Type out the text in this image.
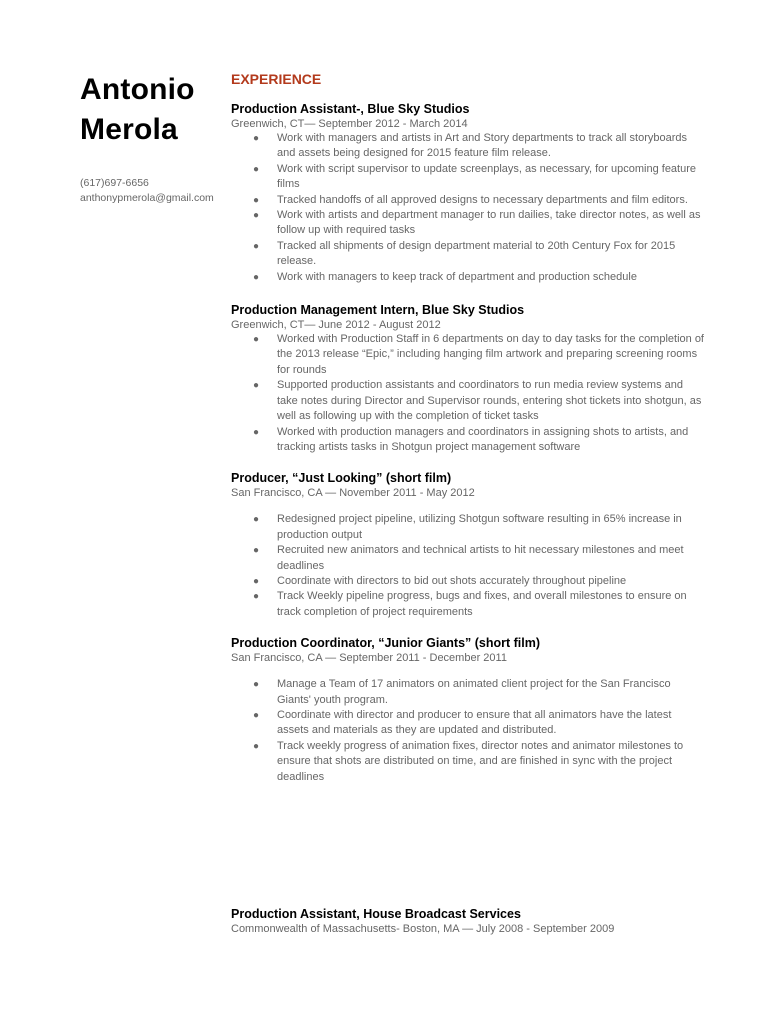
Antonio
Merola
(617)697-6656
anthonypmerola@gmail.com
EXPERIENCE
Production Assistant-, Blue Sky Studios
Greenwich, CT— September 2012 - March 2014
● Work with managers and artists in Art and Story departments to track all storyboards and assets being designed for 2015 feature film release.
● Work with script supervisor to update screenplays, as necessary, for upcoming feature films
● Tracked handoffs of all approved designs to necessary departments and film editors.
● Work with artists and department manager to run dailies, take director notes, as well as follow up with required tasks
● Tracked all shipments of design department material to 20th Century Fox for 2015 release.
● Work with managers to keep track of department and production schedule
Production Management Intern, Blue Sky Studios
Greenwich, CT— June 2012 - August 2012
● Worked with Production Staff in 6 departments on day to day tasks for the completion of the 2013 release “Epic,” including hanging film artwork and preparing screening rooms for rounds
● Supported production assistants and coordinators to run media review systems and take notes during Director and Supervisor rounds, entering shot tickets into shotgun, as well as following up with the completion of ticket tasks
● Worked with production managers and coordinators in assigning shots to artists, and tracking artists tasks in Shotgun project management software
Producer, “Just Looking” (short film)
San Francisco, CA — November 2011 - May 2012
● Redesigned project pipeline, utilizing Shotgun software resulting in 65% increase in production output
● Recruited new animators and technical artists to hit necessary milestones and meet deadlines
● Coordinate with directors to bid out shots accurately throughout pipeline
● Track Weekly pipeline progress, bugs and fixes, and overall milestones to ensure on track completion of project requirements
Production Coordinator, “Junior Giants” (short film)
San Francisco, CA — September 2011 - December 2011
● Manage a Team of 17 animators on animated client project for the San Francisco Giants' youth program.
● Coordinate with director and producer to ensure that all animators have the latest assets and materials as they are updated and distributed.
● Track weekly progress of animation fixes, director notes and animator milestones to ensure that shots are distributed on time, and are finished in sync with the project deadlines
Production Assistant, House Broadcast Services
Commonwealth of Massachusetts- Boston, MA — July 2008 - September 2009
